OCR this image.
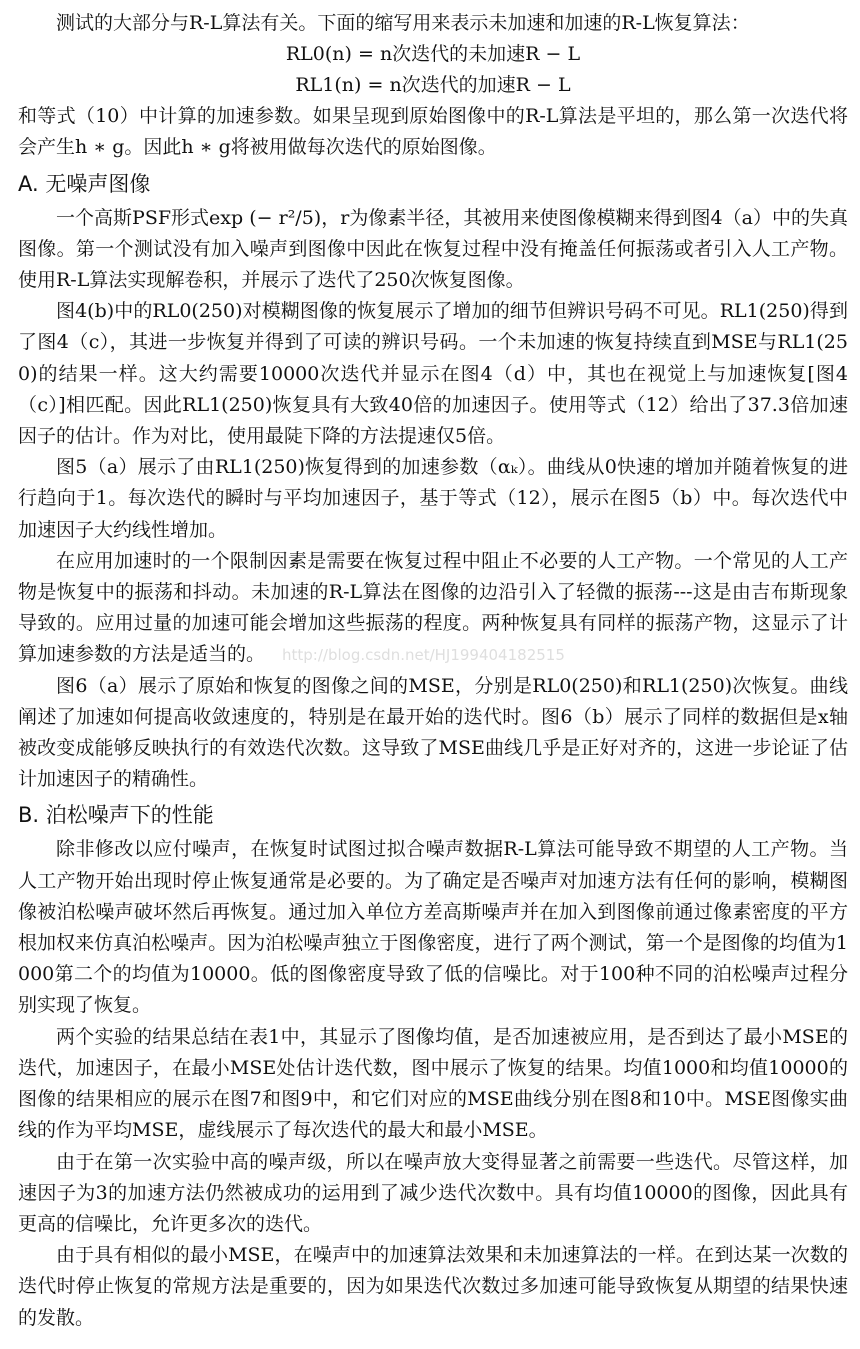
测试的大部分与R-L算法有关。下面的缩写用来表示未加速和加速的R-L恢复算法：

RL0(n) = n次迭代的未加速R − L
RL1(n) = n次迭代的加速R − L

和等式（10）中计算的加速参数。如果呈现到原始图像中的R-L算法是平坦的，那么第一次迭代将会产生h ∗ g。因此h ∗ g将被用做每次迭代的原始图像。

A. 无噪声图像

一个高斯PSF形式exp (− r²/5)，r为像素半径，其被用来使图像模糊来得到图4（a）中的失真图像。第一个测试没有加入噪声到图像中因此在恢复过程中没有掩盖任何振荡或者引入人工产物。使用R-L算法实现解卷积，并展示了迭代了250次恢复图像。

图4(b)中的RL0(250)对模糊图像的恢复展示了增加的细节但辨识号码不可见。RL1(250)得到了图4（c），其进一步恢复并得到了可读的辨识号码。一个未加速的恢复持续直到MSE与RL1(250)的结果一样。这大约需要10000次迭代并显示在图4（d）中，其也在视觉上与加速恢复[图4（c）]相匹配。因此RL1(250)恢复具有大致40倍的加速因子。使用等式（12）给出了37.3倍加速因子的估计。作为对比，使用最陡下降的方法提速仅5倍。

图5（a）展示了由RL1(250)恢复得到的加速参数（αₖ）。曲线从0快速的增加并随着恢复的进行趋向于1。每次迭代的瞬时与平均加速因子，基于等式（12），展示在图5（b）中。每次迭代中加速因子大约线性增加。

在应用加速时的一个限制因素是需要在恢复过程中阻止不必要的人工产物。一个常见的人工产物是恢复中的振荡和抖动。未加速的R-L算法在图像的边沿引入了轻微的振荡---这是由吉布斯现象导致的。应用过量的加速可能会增加这些振荡的程度。两种恢复具有同样的振荡产物，这显示了计算加速参数的方法是适当的。

图6（a）展示了原始和恢复的图像之间的MSE，分别是RL0(250)和RL1(250)次恢复。曲线阐述了加速如何提高收敛速度的，特别是在最开始的迭代时。图6（b）展示了同样的数据但是x轴被改变成能够反映执行的有效迭代次数。这导致了MSE曲线几乎是正好对齐的，这进一步论证了估计加速因子的精确性。

B. 泊松噪声下的性能

除非修改以应付噪声，在恢复时试图过拟合噪声数据R-L算法可能导致不期望的人工产物。当人工产物开始出现时停止恢复通常是必要的。为了确定是否噪声对加速方法有任何的影响，模糊图像被泊松噪声破坏然后再恢复。通过加入单位方差高斯噪声并在加入到图像前通过像素密度的平方根加权来仿真泊松噪声。因为泊松噪声独立于图像密度，进行了两个测试，第一个是图像的均值为1000第二个的均值为10000。低的图像密度导致了低的信噪比。对于100种不同的泊松噪声过程分别实现了恢复。

两个实验的结果总结在表1中，其显示了图像均值，是否加速被应用，是否到达了最小MSE的迭代，加速因子，在最小MSE处估计迭代数，图中展示了恢复的结果。均值1000和均值10000的图像的结果相应的展示在图7和图9中，和它们对应的MSE曲线分别在图8和10中。MSE图像实曲线的作为平均MSE，虚线展示了每次迭代的最大和最小MSE。

由于在第一次实验中高的噪声级，所以在噪声放大变得显著之前需要一些迭代。尽管这样，加速因子为3的加速方法仍然被成功的运用到了减少迭代次数中。具有均值10000的图像，因此具有更高的信噪比，允许更多次的迭代。

由于具有相似的最小MSE，在噪声中的加速算法效果和未加速算法的一样。在到达某一次数的迭代时停止恢复的常规方法是重要的，因为如果迭代次数过多加速可能导致恢复从期望的结果快速的发散。

http://blog.csdn.net/HJ199404182515
